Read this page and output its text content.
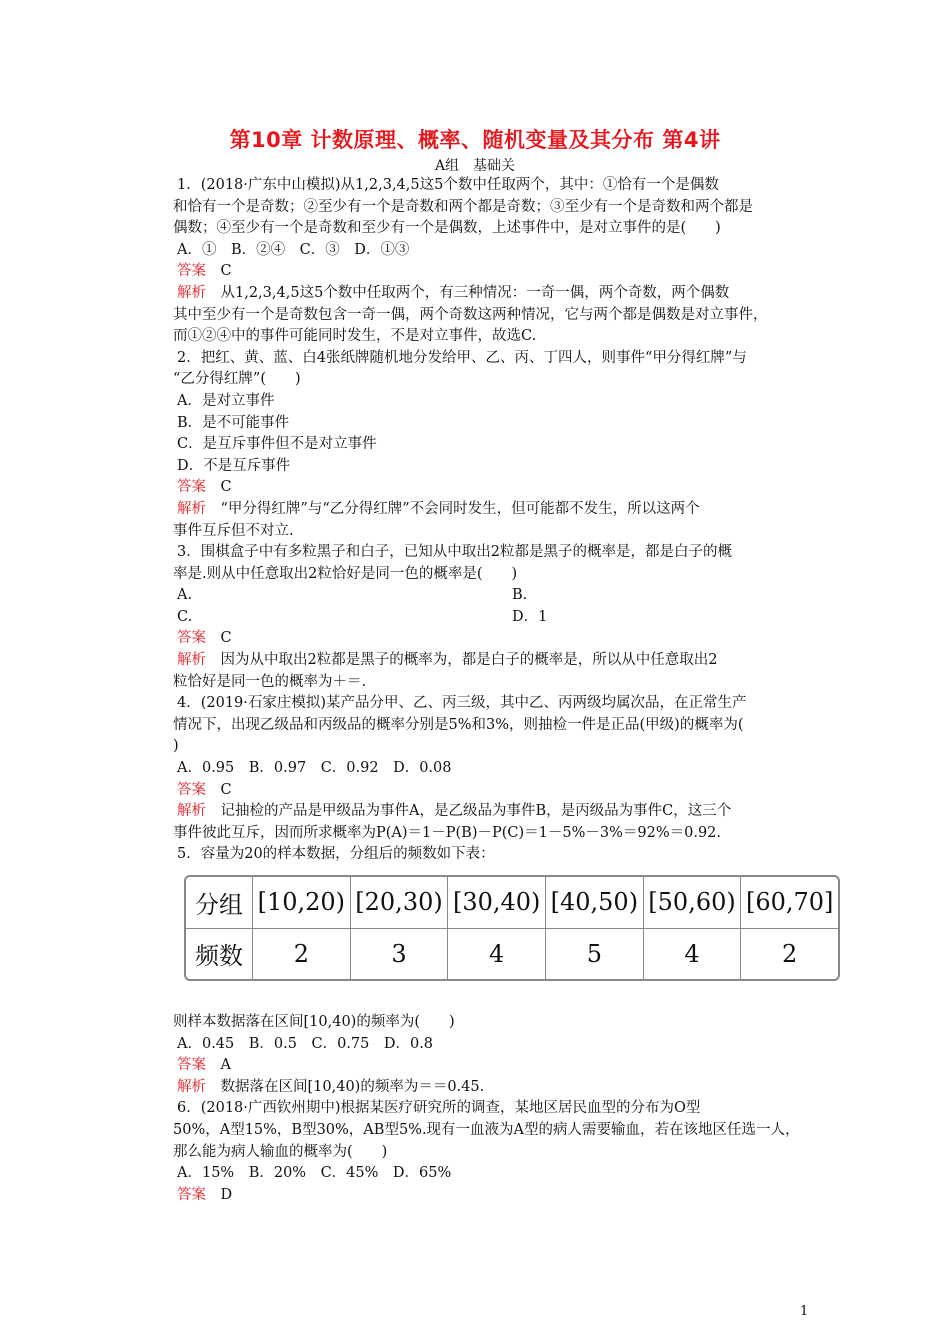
第10章 计数原理、概率、随机变量及其分布 第4讲
A组　基础关
1．(2018·广东中山模拟)从1,2,3,4,5这5个数中任取两个，其中：①恰有一个是偶数
和恰有一个是奇数；②至少有一个是奇数和两个都是奇数；③至少有一个是奇数和两个都是
偶数；④至少有一个是奇数和至少有一个是偶数，上述事件中，是对立事件的是(　　)
A．①　B．②④　C．③　D．①③
答案　C
解析　从1,2,3,4,5这5个数中任取两个，有三种情况：一奇一偶，两个奇数，两个偶数
其中至少有一个是奇数包含一奇一偶，两个奇数这两种情况，它与两个都是偶数是对立事件，
而①②④中的事件可能同时发生，不是对立事件，故选C.
2．把红、黄、蓝、白4张纸牌随机地分发给甲、乙、丙、丁四人，则事件“甲分得红牌”与
“乙分得红牌”(　　)
A．是对立事件
B．是不可能事件
C．是互斥事件但不是对立事件
D．不是互斥事件
答案　C
解析　“甲分得红牌”与“乙分得红牌”不会同时发生，但可能都不发生，所以这两个
事件互斥但不对立.
3．围棋盒子中有多粒黑子和白子，已知从中取出2粒都是黑子的概率是，都是白子的概
率是.则从中任意取出2粒恰好是同一色的概率是(　　)
A.	B.
C.	D．1
答案　C
解析　因为从中取出2粒都是黑子的概率为，都是白子的概率是，所以从中任意取出2
粒恰好是同一色的概率为＋＝.
4．(2019·石家庄模拟)某产品分甲、乙、丙三级，其中乙、丙两级均属次品，在正常生产
情况下，出现乙级品和丙级品的概率分别是5%和3%，则抽检一件是正品(甲级)的概率为(
)
A．0.95　B．0.97　C．0.92　D．0.08
答案　C
解析　记抽检的产品是甲级品为事件A，是乙级品为事件B，是丙级品为事件C，这三个
事件彼此互斥，因而所求概率为P(A)＝1－P(B)－P(C)＝1－5%－3%＝92%＝0.92.
5．容量为20的样本数据，分组后的频数如下表：
分组	[10,20)	[20,30)	[30,40)	[40,50)	[50,60)	[60,70]
频数	2	3	4	5	4	2
则样本数据落在区间[10,40)的频率为(　　)
A．0.45　B．0.5　C．0.75　D．0.8
答案　A
解析　数据落在区间[10,40)的频率为＝＝0.45.
6．(2018·广西钦州期中)根据某医疗研究所的调查，某地区居民血型的分布为O型
50%，A型15%，B型30%，AB型5%.现有一血液为A型的病人需要输血，若在该地区任选一人，
那么能为病人输血的概率为(　　)
A．15%　B．20%　C．45%　D．65%
答案　D
1
